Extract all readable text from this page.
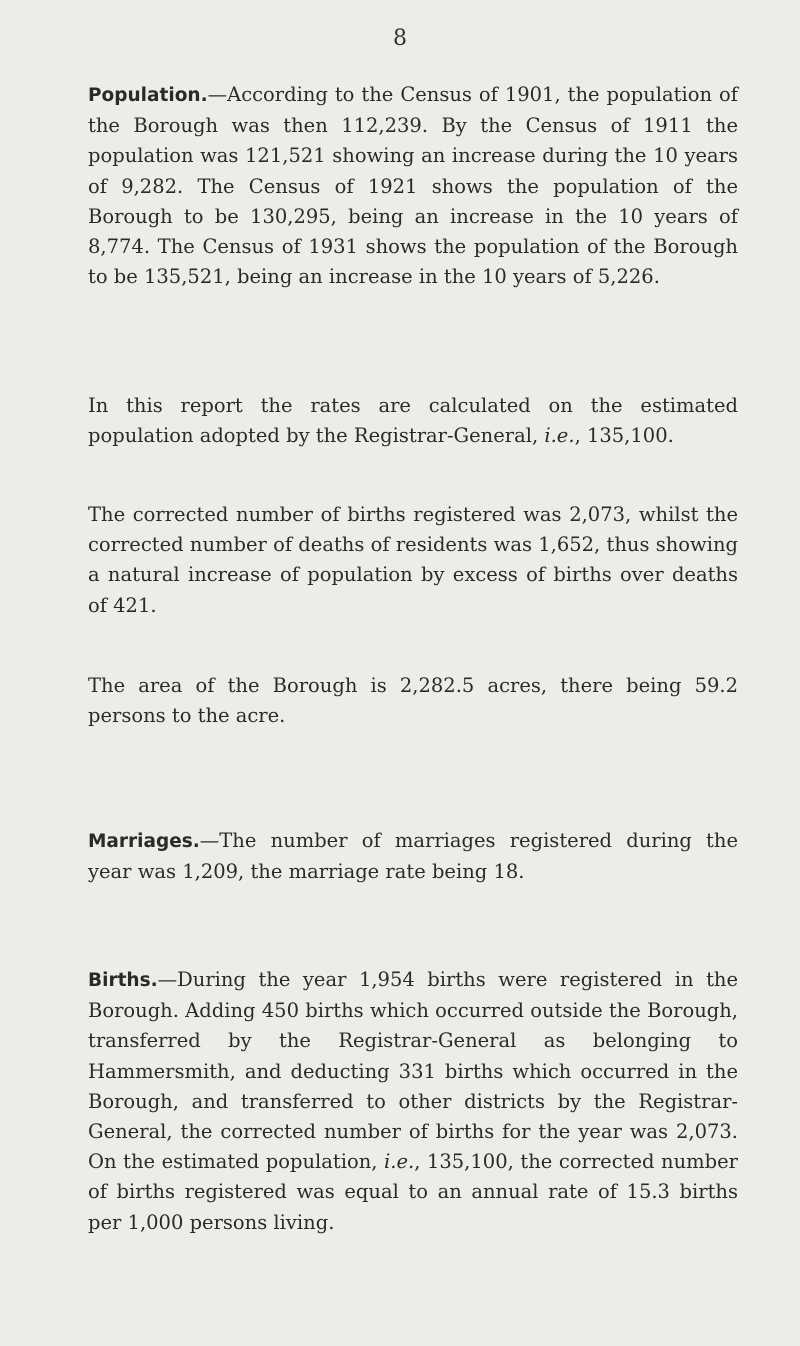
8

Population.—According to the Census of 1901, the population of the Borough was then 112,239. By the Census of 1911 the population was 121,521 showing an increase during the 10 years of 9,282. The Census of 1921 shows the population of the Borough to be 130,295, being an increase in the 10 years of 8,774. The Census of 1931 shows the population of the Borough to be 135,521, being an increase in the 10 years of 5,226.

In this report the rates are calculated on the estimated population adopted by the Registrar-General, i.e., 135,100.

The corrected number of births registered was 2,073, whilst the corrected number of deaths of residents was 1,652, thus showing a natural increase of population by excess of births over deaths of 421.

The area of the Borough is 2,282.5 acres, there being 59.2 persons to the acre.

Marriages.—The number of marriages registered during the year was 1,209, the marriage rate being 18.

Births.—During the year 1,954 births were registered in the Borough. Adding 450 births which occurred outside the Borough, transferred by the Registrar-General as belonging to Hammersmith, and deducting 331 births which occurred in the Borough, and transferred to other districts by the Registrar-General, the corrected number of births for the year was 2,073. On the estimated population, i.e., 135,100, the corrected number of births registered was equal to an annual rate of 15.3 births per 1,000 persons living.
